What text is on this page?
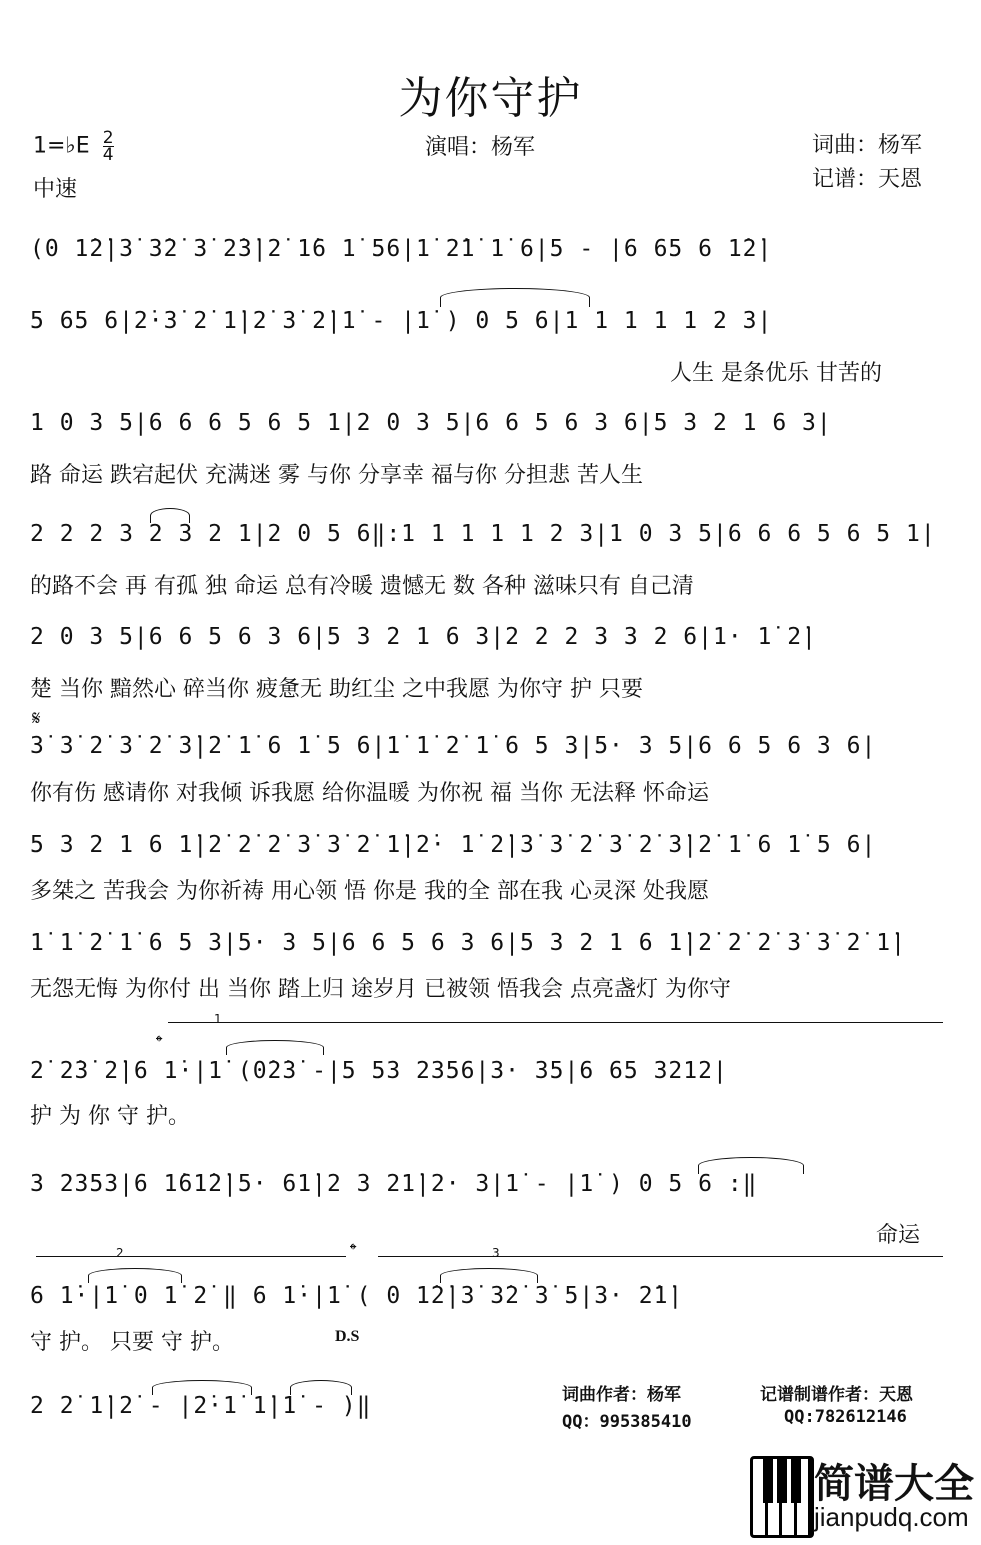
为你守护
1=♭E $\frac{2}{4}$
中速
演唱：杨军	词曲：杨军
记谱：天恩
(0 1̇2̇|3̇ 3̇2̇ 3̇ 2̇3̇|2̇ 1̇6 1̇ 56|1̇ 2̇1̇ 1̇ 6|5 - |6 65 6 1̇2̇|
5 65 6|2̇·3̇ 2̇ 1̇|2̇ 3̇ 2̇|1̇ - |1̇ ) 0 5 6|1 1 1 1 1 2 3|
人生 是条优乐 甘苦的
1 0 3 5|6 6 6 5 6 5 1|2 0 3 5|6 6 5 6 3 6|5 3 2 1 6 3|
路 命运 跌宕起伏 充满迷 雾 与你 分享幸 福与你 分担悲 苦人生
2 2 2 3 2 3 2 1|2 0 5 6‖:1 1 1 1 1 2 3|1 0 3 5|6 6 6 5 6 5 1|
的路不会 再 有孤 独 命运 总有冷暖 遗憾无 数 各种 滋味只有 自己清
2 0 3 5|6 6 5 6 3 6|5 3 2 1 6 3|2 2 2 3 3 2 6|1· 1̇ 2̇|
楚 当你 黯然心 碎当你 疲惫无 助红尘 之中我愿 为你守 护 只要
3̇ 3̇ 2̇ 3̇ 2̇ 3̇|2̇ 1̇ 6 1̇ 5 6|1̇ 1̇ 2̇ 1̇ 6 5 3|5· 3 5|6 6 5 6 3 6|
你有伤 感请你 对我倾 诉我愿 给你温暖 为你祝 福 当你 无法释 怀命运
5 3 2 1 6 1̇|2̇ 2̇ 2̇ 3̇ 3̇ 2̇ 1̇|2̇· 1̇ 2̇|3̇ 3̇ 2̇ 3̇ 2̇ 3̇|2̇ 1̇ 6 1̇ 5 6|
多桀之 苦我会 为你祈祷 用心领 悟 你是 我的全 部在我 心灵深 处我愿
1̇ 1̇ 2̇ 1̇ 6 5 3|5· 3 5|6 6 5 6 3 6|5 3 2 1 6 1̇|2̇ 2̇ 2̇ 3̇ 3̇ 2̇ 1̇|
无怨无悔 为你付 出 当你 踏上归 途岁月 已被领 悟我会 点亮盏灯 为你守
2̇ 2̇3̇ 2̇|6 1̇·|1̇ (0̇2̇3̇ -|5 53 2356|3· 35|6 65 3212|
护 为 你 守 护。
3 2353|6 1̇61̇2̇|5· 61̇|2 3 21̇|2· 3|1̇ - |1̇ ) 0 5 6 :‖
命运
6 1̇·|1̇ 0 1̇ 2̇ ‖ 6 1̇·|1̇ ( 0 1̇2̇|3̇ 3̇2̇ 3̇ 5|3· 2̇1̇|
守 护。 只要 守 护。
2 2̇ 1̇|2̇ - |2̇·1̇ 1̇|1̇ - )‖
𝄋
𝄌
𝄌
D.S
1
2	3
词曲作者：杨军
QQ：995385410
记谱制谱作者：天恩
QQ:782612146
简谱大全
jianpudq.com
